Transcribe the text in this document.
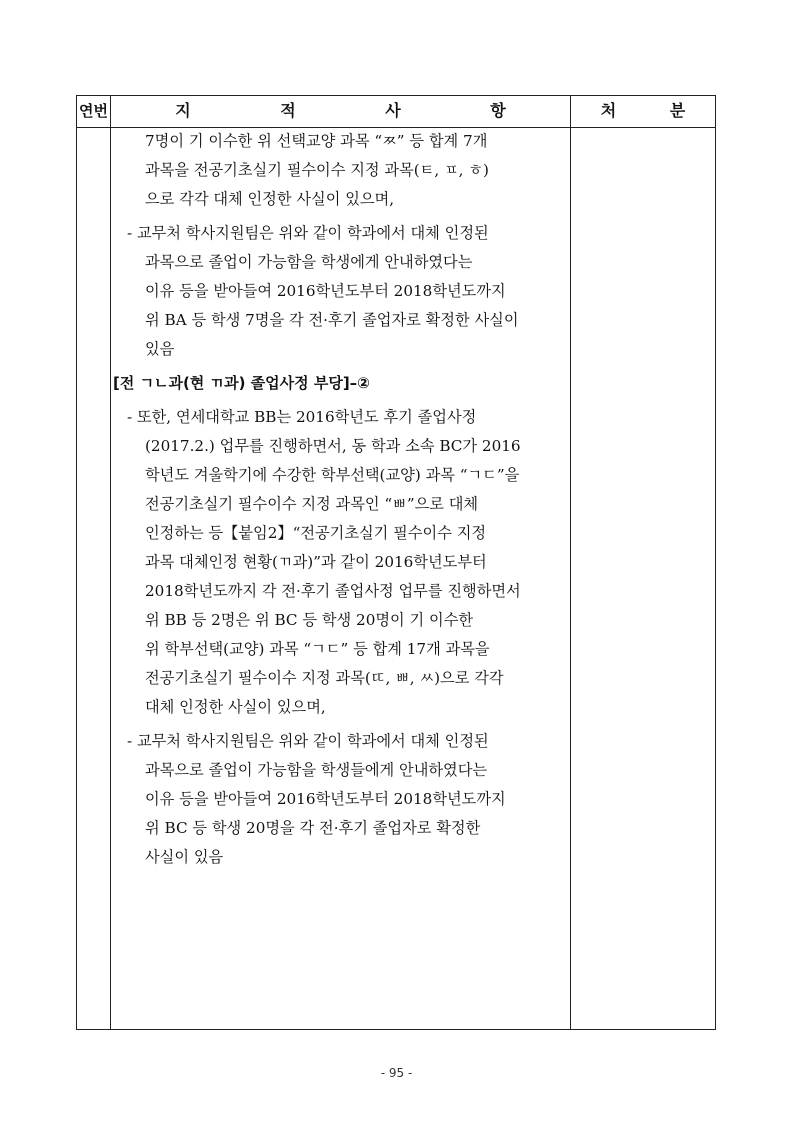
연번	지 적 사 항	처 분
7명이 기 이수한 위 선택교양 과목 “ㅉ” 등 합계 7개
과목을 전공기초실기 필수이수 지정 과목(ㅌ, ㅍ, ㅎ)
으로 각각 대체 인정한 사실이 있으며,
- 교무처 학사지원팀은 위와 같이 학과에서 대체 인정된
과목으로 졸업이 가능함을 학생에게 안내하였다는
이유 등을 받아들여 2016학년도부터 2018학년도까지
위 BA 등 학생 7명을 각 전·후기 졸업자로 확정한 사실이
있음
[전 ㄱㄴ과(현 ㄲ과) 졸업사정 부당]–②
- 또한, 연세대학교 BB는 2016학년도 후기 졸업사정
(2017.2.) 업무를 진행하면서, 동 학과 소속 BC가 2016
학년도 겨울학기에 수강한 학부선택(교양) 과목 “ㄱㄷ”을
전공기초실기 필수이수 지정 과목인 “ㅃ”으로 대체
인정하는 등【붙임2】“전공기초실기 필수이수 지정
과목 대체인정 현황(ㄲ과)”과 같이 2016학년도부터
2018학년도까지 각 전·후기 졸업사정 업무를 진행하면서
위 BB 등 2명은 위 BC 등 학생 20명이 기 이수한
위 학부선택(교양) 과목 “ㄱㄷ” 등 합계 17개 과목을
전공기초실기 필수이수 지정 과목(ㄸ, ㅃ, ㅆ)으로 각각
대체 인정한 사실이 있으며,
- 교무처 학사지원팀은 위와 같이 학과에서 대체 인정된
과목으로 졸업이 가능함을 학생들에게 안내하였다는
이유 등을 받아들여 2016학년도부터 2018학년도까지
위 BC 등 학생 20명을 각 전·후기 졸업자로 확정한
사실이 있음
- 95 -
